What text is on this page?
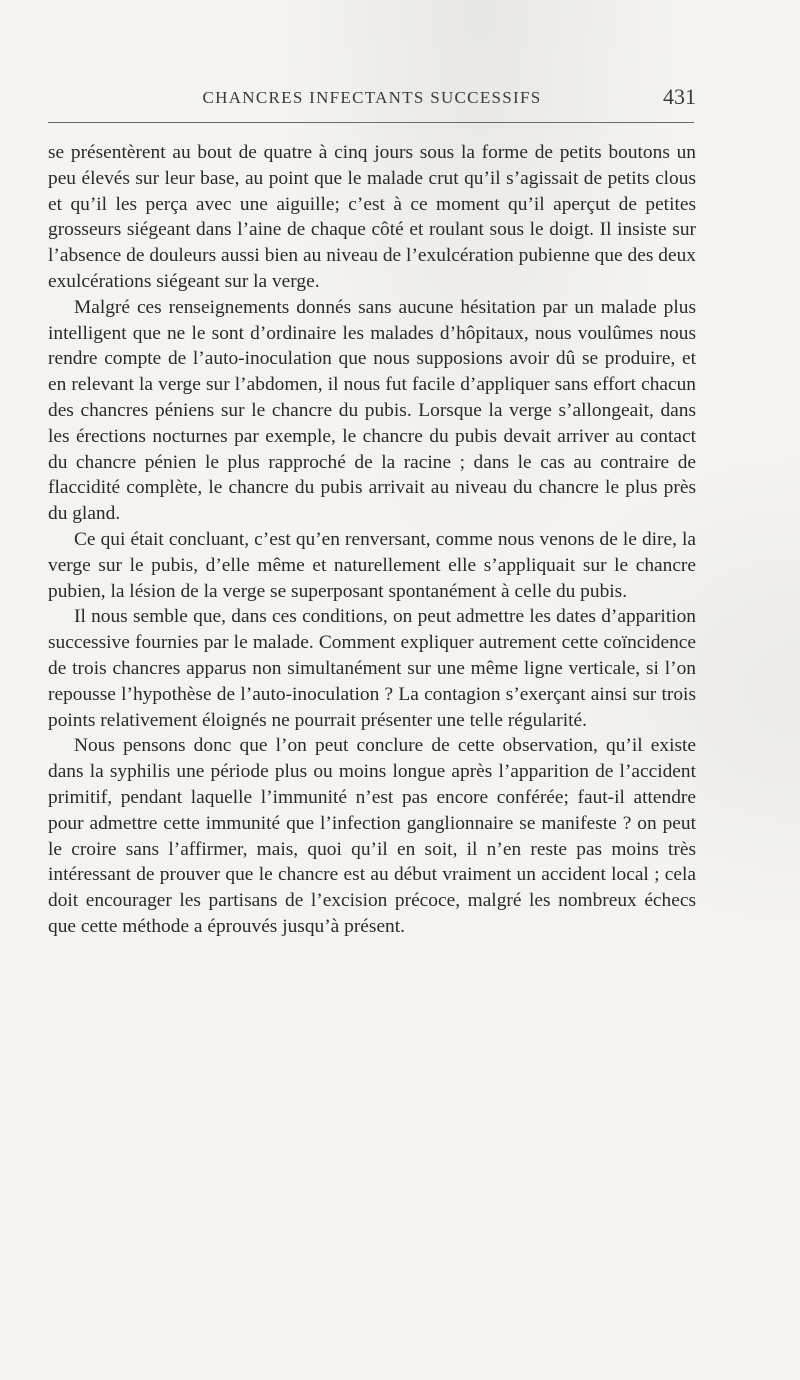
CHANCRES INFECTANTS SUCCESSIFS	431

se présentèrent au bout de quatre à cinq jours sous la forme de petits boutons un peu élevés sur leur base, au point que le malade crut qu’il s’agissait de petits clous et qu’il les perça avec une aiguille; c’est à ce moment qu’il aperçut de petites grosseurs siégeant dans l’aine de chaque côté et roulant sous le doigt. Il insiste sur l’absence de douleurs aussi bien au niveau de l’exulcération pubienne que des deux exulcérations siégeant sur la verge.

Malgré ces renseignements donnés sans aucune hésitation par un malade plus intelligent que ne le sont d’ordinaire les malades d’hôpitaux, nous voulûmes nous rendre compte de l’auto-inoculation que nous supposions avoir dû se produire, et en relevant la verge sur l’abdomen, il nous fut facile d’appliquer sans effort chacun des chancres péniens sur le chancre du pubis. Lorsque la verge s’allongeait, dans les érections nocturnes par exemple, le chancre du pubis devait arriver au contact du chancre pénien le plus rapproché de la racine ; dans le cas au contraire de flaccidité complète, le chancre du pubis arrivait au niveau du chancre le plus près du gland.

Ce qui était concluant, c’est qu’en renversant, comme nous venons de le dire, la verge sur le pubis, d’elle même et naturellement elle s’appliquait sur le chancre pubien, la lésion de la verge se superposant spontanément à celle du pubis.

Il nous semble que, dans ces conditions, on peut admettre les dates d’apparition successive fournies par le malade. Comment expliquer autrement cette coïncidence de trois chancres apparus non simultanément sur une même ligne verticale, si l’on repousse l’hypothèse de l’auto-inoculation ? La contagion s’exerçant ainsi sur trois points relativement éloignés ne pourrait présenter une telle régularité.

Nous pensons donc que l’on peut conclure de cette observation, qu’il existe dans la syphilis une période plus ou moins longue après l’apparition de l’accident primitif, pendant laquelle l’immunité n’est pas encore conférée; faut-il attendre pour admettre cette immunité que l’infection ganglionnaire se manifeste ? on peut le croire sans l’affirmer, mais, quoi qu’il en soit, il n’en reste pas moins très intéressant de prouver que le chancre est au début vraiment un accident local ; cela doit encourager les partisans de l’excision précoce, malgré les nombreux échecs que cette méthode a éprouvés jusqu’à présent.
